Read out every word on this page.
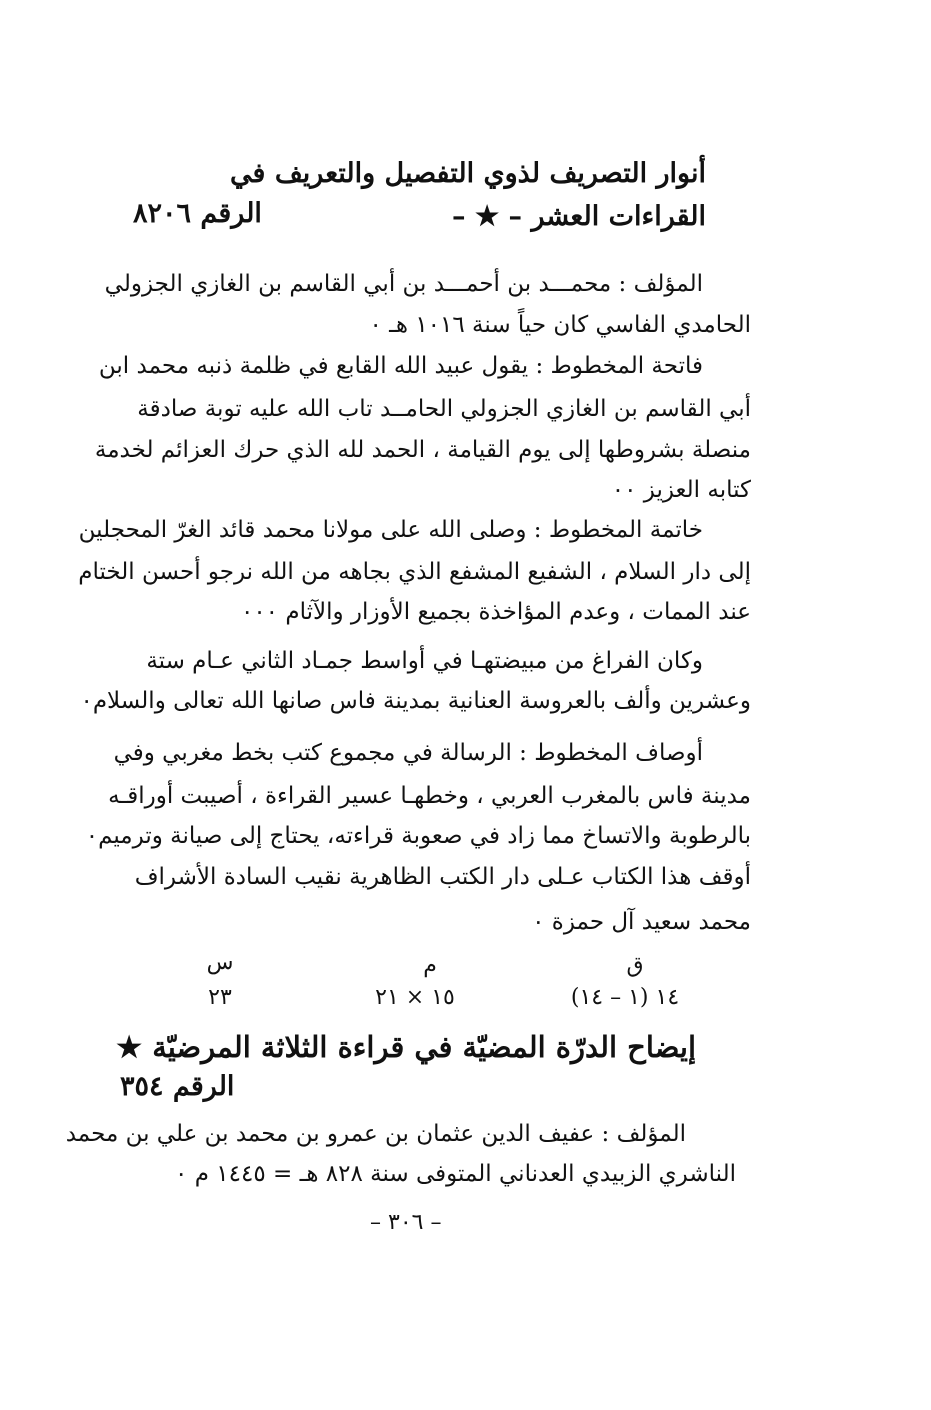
أنوار التصريف لذوي التفصيل والتعريف في
القراءات العشر – ★ –
الرقم ٨٢٠٦
المؤلف : محمـــد بن أحمـــد بن أبي القاسم بن الغازي الجزولي
الحامدي الفاسي كان حياً سنة ١٠١٦ هـ ٠
فاتحة المخطوط : يقول عبيد الله القابع في ظلمة ذنبه محمد ابن
أبي القاسم بن الغازي الجزولي الحامــد تاب الله عليه توبة صادقة
منصلة بشروطها إلى يوم القيامة ، الحمد لله الذي حرك العزائم لخدمة
كتابه العزيز ٠٠
خاتمة المخطوط : وصلى الله على مولانا محمد قائد الغرّ المحجلين
إلى دار السلام ، الشفيع المشفع الذي بجاهه من الله نرجو أحسن الختام
عند الممات ، وعدم المؤاخذة بجميع الأوزار والآثام ٠٠٠
وكان الفراغ من مبيضتهـا في أواسط جمـاد الثاني عـام ستة
وعشرين وألف بالعروسة العنانية بمدينة فاس صانها الله تعالى والسلام٠
أوصاف المخطوط : الرسالة في مجموع كتب بخط مغربي وفي
مدينة فاس بالمغرب العربي ، وخطهـا عسير القراءة ، أصيبت أوراقـه
بالرطوبة والاتساخ مما زاد في صعوبة قراءته، يحتاج إلى صيانة وترميم٠
أوقف هذا الكتاب عـلى دار الكتب الظاهرية نقيب السادة الأشراف
محمد سعيد آل حمزة ٠
ق
١٤ (١ – ١٤)
م
١٥ × ٢١
س
٢٣
إيضاح الدرّة المضيّة في قراءة الثلاثة المرضيّة ★
الرقم ٣٥٤
المؤلف : عفيف الدين عثمان بن عمرو بن محمد بن علي بن محمد
الناشري الزبيدي العدناني المتوفى سنة ٨٢٨ هـ = ١٤٤٥ م ٠
– ٣٠٦ –
